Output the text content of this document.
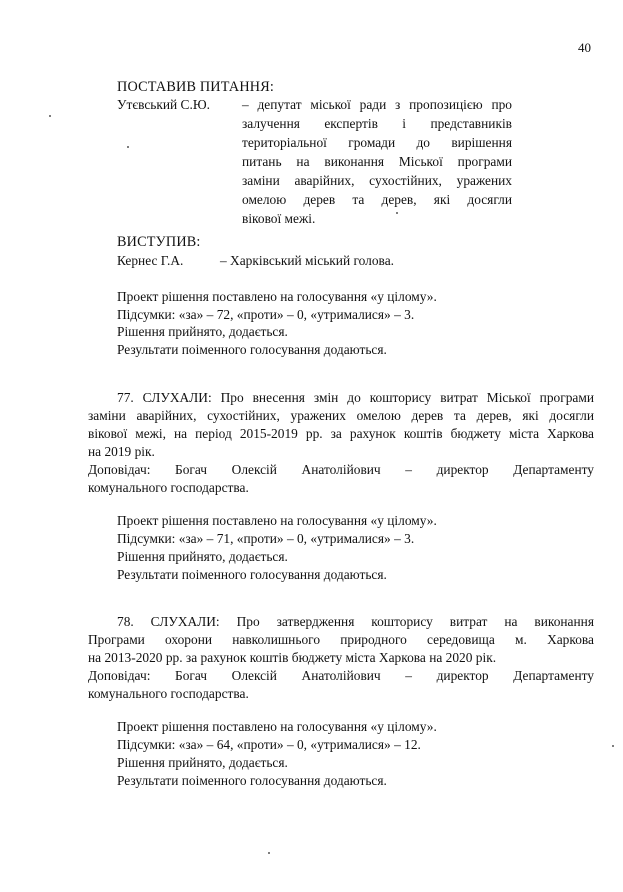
40
ПОСТАВИВ ПИТАННЯ:
Утєвський С.Ю. – депутат міської ради з пропозицією про
залучення експертів і представників
територіальної громади до вирішення
питань на виконання Міської програми
заміни аварійних, сухостійних, уражених
омелою дерев та дерев, які досягли
вікової межі.
ВИСТУПИВ:
Кернес Г.А.	– Харківський міський голова.
Проект рішення поставлено на голосування «у цілому».
Підсумки: «за» – 72, «проти» – 0, «утрималися» – 3.
Рішення прийнято, додається.
Результати поіменного голосування додаються.
77. СЛУХАЛИ: Про внесення змін до кошторису витрат Міської програми
заміни аварійних, сухостійних, уражених омелою дерев та дерев, які досягли
вікової межі, на період 2015-2019 рр. за рахунок коштів бюджету міста Харкова
на 2019 рік.
Доповідач: Богач Олексій Анатолійович – директор Департаменту
комунального господарства.
Проект рішення поставлено на голосування «у цілому».
Підсумки: «за» – 71, «проти» – 0, «утрималися» – 3.
Рішення прийнято, додається.
Результати поіменного голосування додаються.
78. СЛУХАЛИ: Про затвердження кошторису витрат на виконання
Програми охорони навколишнього природного середовища м. Харкова
на 2013-2020 рр. за рахунок коштів бюджету міста Харкова на 2020 рік.
Доповідач: Богач Олексій Анатолійович – директор Департаменту
комунального господарства.
Проект рішення поставлено на голосування «у цілому».
Підсумки: «за» – 64, «проти» – 0, «утрималися» – 12.
Рішення прийнято, додається.
Результати поіменного голосування додаються.
